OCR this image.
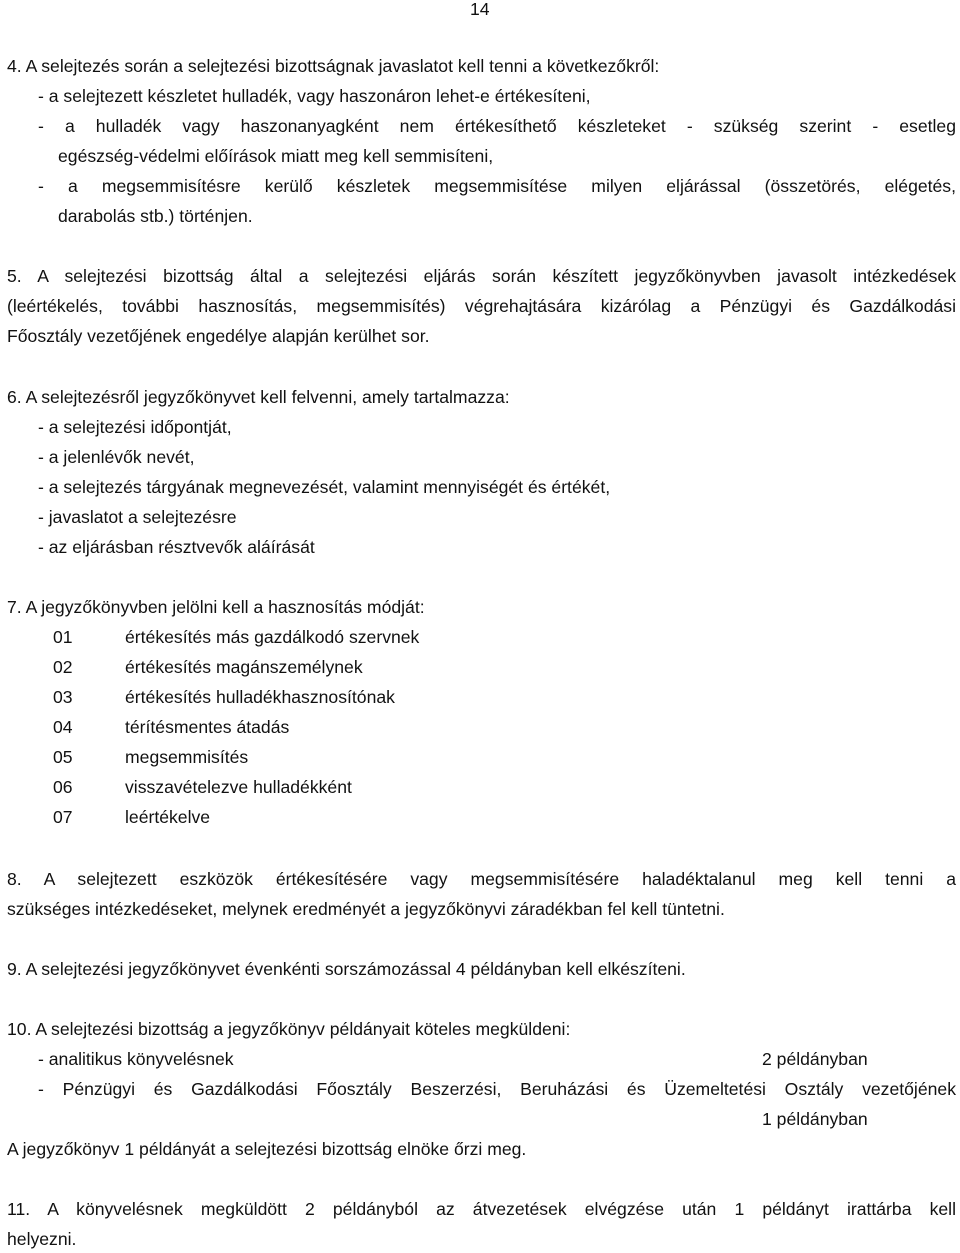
14
4. A selejtezés során a selejtezési bizottságnak javaslatot kell tenni a következőkről:
- a selejtezett készletet hulladék, vagy haszonáron lehet-e értékesíteni,
- a hulladék vagy haszonanyagként nem értékesíthető készleteket - szükség szerint - esetleg
egészség-védelmi előírások miatt meg kell semmisíteni,
- a megsemmisítésre kerülő készletek megsemmisítése milyen eljárással (összetörés, elégetés,
darabolás stb.) történjen.
5. A selejtezési bizottság által a selejtezési eljárás során készített jegyzőkönyvben javasolt intézkedések
(leértékelés, további hasznosítás, megsemmisítés) végrehajtására kizárólag a Pénzügyi és Gazdálkodási
Főosztály vezetőjének engedélye alapján kerülhet sor.
6. A selejtezésről jegyzőkönyvet kell felvenni, amely tartalmazza:
- a selejtezési időpontját,
- a jelenlévők nevét,
- a selejtezés tárgyának megnevezését, valamint mennyiségét és értékét,
- javaslatot a selejtezésre
- az eljárásban résztvevők aláírását
7. A jegyzőkönyvben jelölni kell a hasznosítás módját:
01	értékesítés más gazdálkodó szervnek
02	értékesítés magánszemélynek
03	értékesítés hulladékhasznosítónak
04	térítésmentes átadás
05	megsemmisítés
06	visszavételezve hulladékként
07	leértékelve
8. A selejtezett eszközök értékesítésére vagy megsemmisítésére haladéktalanul meg kell tenni a
szükséges intézkedéseket, melynek eredményét a jegyzőkönyvi záradékban fel kell tüntetni.
9. A selejtezési jegyzőkönyvet évenkénti sorszámozással 4 példányban kell elkészíteni.
10. A selejtezési bizottság a jegyzőkönyv példányait köteles megküldeni:
- analitikus könyvelésnek	2 példányban
- Pénzügyi és Gazdálkodási Főosztály Beszerzési, Beruházási és Üzemeltetési Osztály vezetőjének
1 példányban
A jegyzőkönyv 1 példányát a selejtezési bizottság elnöke őrzi meg.
11. A könyvelésnek megküldött 2 példányból az átvezetések elvégzése után 1 példányt irattárba kell
helyezni.
